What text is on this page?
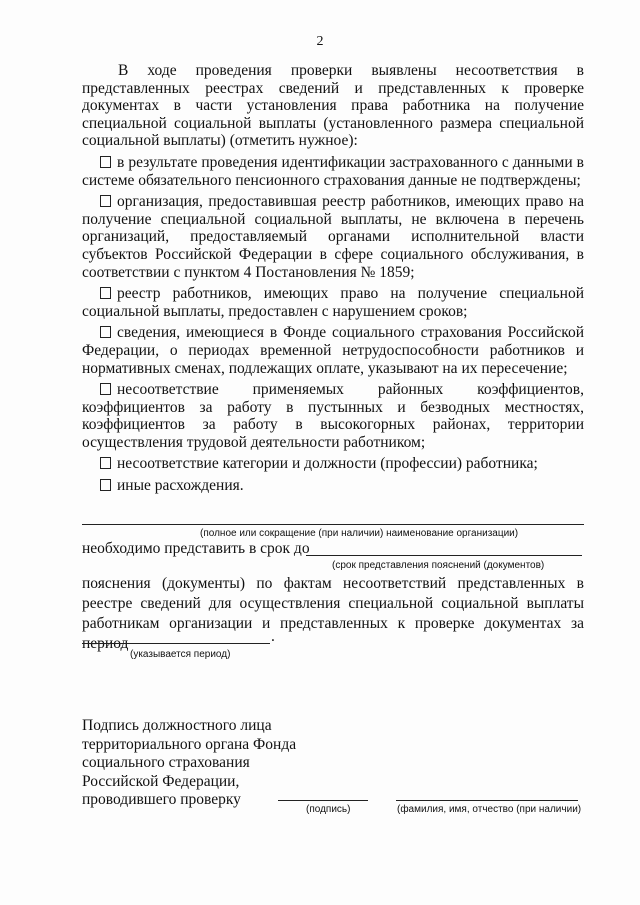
2

В ходе проведения проверки выявлены несоответствия в представленных реестрах сведений и представленных к проверке документах в части установления права работника на получение специальной социальной выплаты (установленного размера специальной социальной выплаты) (отметить нужное):

в результате проведения идентификации застрахованного с данными в системе обязательного пенсионного страхования данные не подтверждены;

организация, предоставившая реестр работников, имеющих право на получение специальной социальной выплаты, не включена в перечень организаций, предоставляемый органами исполнительной власти субъектов Российской Федерации в сфере социального обслуживания, в соответствии с пунктом 4 Постановления № 1859;

реестр работников, имеющих право на получение специальной социальной выплаты, предоставлен с нарушением сроков;

сведения, имеющиеся в Фонде социального страхования Российской Федерации, о периодах временной нетрудоспособности работников и нормативных сменах, подлежащих оплате, указывают на их пересечение;

несоответствие применяемых районных коэффициентов, коэффициентов за работу в пустынных и безводных местностях, коэффициентов за работу в высокогорных районах, территории осуществления трудовой деятельности работником;

несоответствие категории и должности (профессии) работника;

иные расхождения.

(полное или сокращение (при наличии) наименование организации)
необходимо представить в срок до
(срок представления пояснений (документов)

пояснения (документы) по фактам несоответствий представленных в реестре сведений для осуществления специальной социальной выплаты работникам организации и представленных к проверке документах за период	.
(указывается период)
Подпись должностного лица
территориального органа Фонда
социального страхования
Российской Федерации,
проводившего проверку
(подпись)	(фамилия, имя, отчество (при наличии)
